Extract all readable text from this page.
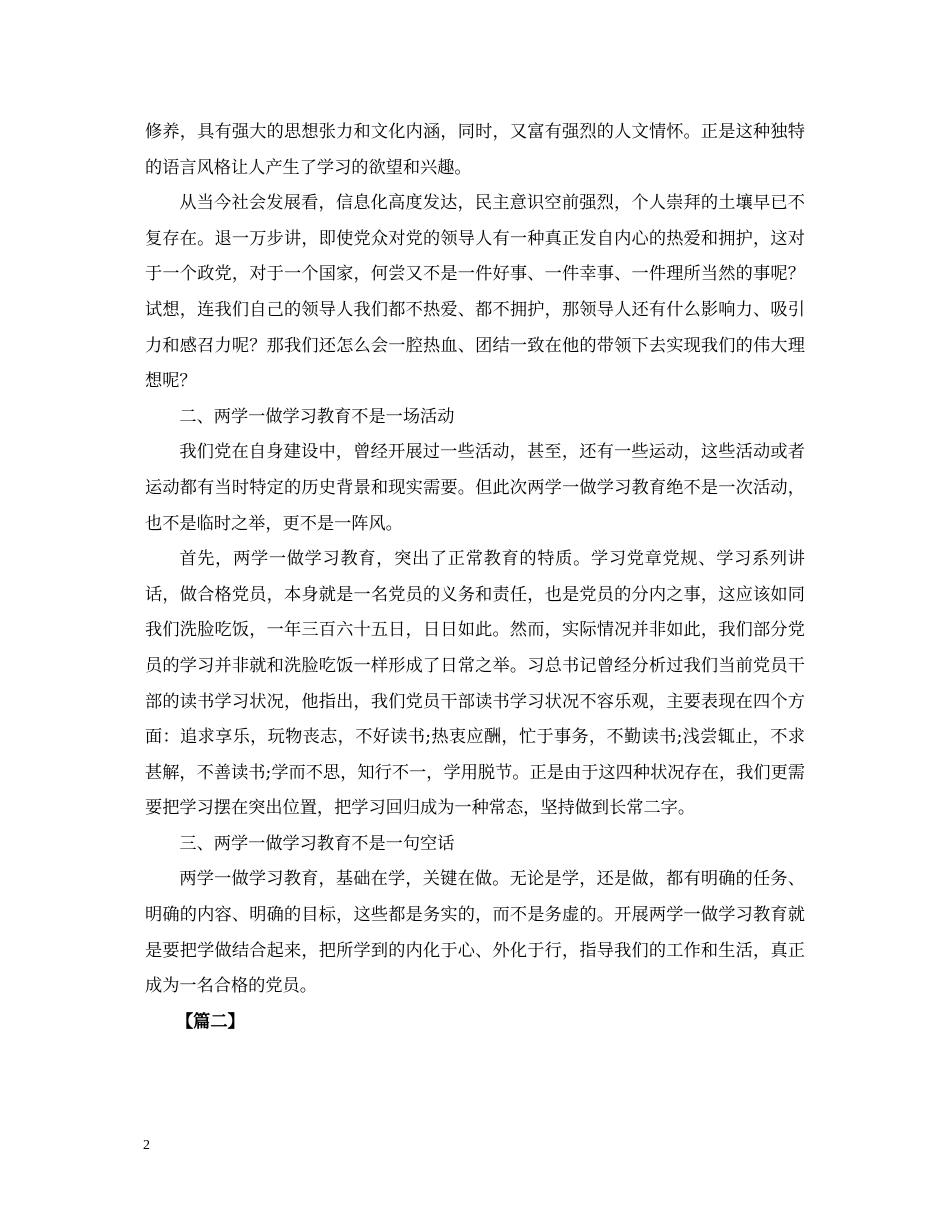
修养，具有强大的思想张力和文化内涵，同时，又富有强烈的人文情怀。正是这种独特的语言风格让人产生了学习的欲望和兴趣。

从当今社会发展看，信息化高度发达，民主意识空前强烈，个人崇拜的土壤早已不复存在。退一万步讲，即使党众对党的领导人有一种真正发自内心的热爱和拥护，这对于一个政党，对于一个国家，何尝又不是一件好事、一件幸事、一件理所当然的事呢？试想，连我们自己的领导人我们都不热爱、都不拥护，那领导人还有什么影响力、吸引力和感召力呢？那我们还怎么会一腔热血、团结一致在他的带领下去实现我们的伟大理想呢？

二、两学一做学习教育不是一场活动

我们党在自身建设中，曾经开展过一些活动，甚至，还有一些运动，这些活动或者运动都有当时特定的历史背景和现实需要。但此次两学一做学习教育绝不是一次活动，也不是临时之举，更不是一阵风。

首先，两学一做学习教育，突出了正常教育的特质。学习党章党规、学习系列讲话，做合格党员，本身就是一名党员的义务和责任，也是党员的分内之事，这应该如同我们洗脸吃饭，一年三百六十五日，日日如此。然而，实际情况并非如此，我们部分党员的学习并非就和洗脸吃饭一样形成了日常之举。习总书记曾经分析过我们当前党员干部的读书学习状况，他指出，我们党员干部读书学习状况不容乐观，主要表现在四个方面：追求享乐，玩物丧志，不好读书;热衷应酬，忙于事务，不勤读书;浅尝辄止，不求甚解，不善读书;学而不思，知行不一，学用脱节。正是由于这四种状况存在，我们更需要把学习摆在突出位置，把学习回归成为一种常态，坚持做到长常二字。

三、两学一做学习教育不是一句空话

两学一做学习教育，基础在学，关键在做。无论是学，还是做，都有明确的任务、明确的内容、明确的目标，这些都是务实的，而不是务虚的。开展两学一做学习教育就是要把学做结合起来，把所学到的内化于心、外化于行，指导我们的工作和生活，真正成为一名合格的党员。

【篇二】

2
